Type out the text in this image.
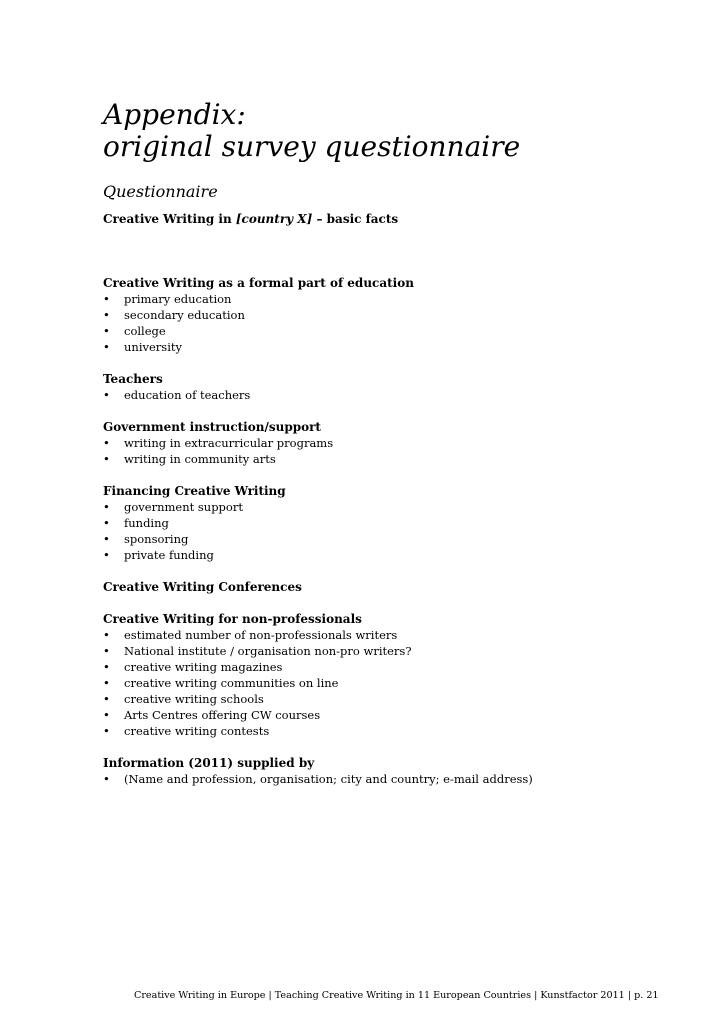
Appendix:
original survey questionnaire
Questionnaire
Creative Writing in [country X] – basic facts
Creative Writing as a formal part of education
• primary education
• secondary education
• college
• university
Teachers
• education of teachers
Government instruction/support
• writing in extracurricular programs
• writing in community arts
Financing Creative Writing
• government support
• funding
• sponsoring
• private funding
Creative Writing Conferences
Creative Writing for non-professionals
• estimated number of non-professionals writers
• National institute / organisation non-pro writers?
• creative writing magazines
• creative writing communities on line
• creative writing schools
• Arts Centres offering CW courses
• creative writing contests
Information (2011) supplied by
• (Name and profession, organisation; city and country; e-mail address)
Creative Writing in Europe | Teaching Creative Writing in 11 European Countries | Kunstfactor 2011 | p. 21
